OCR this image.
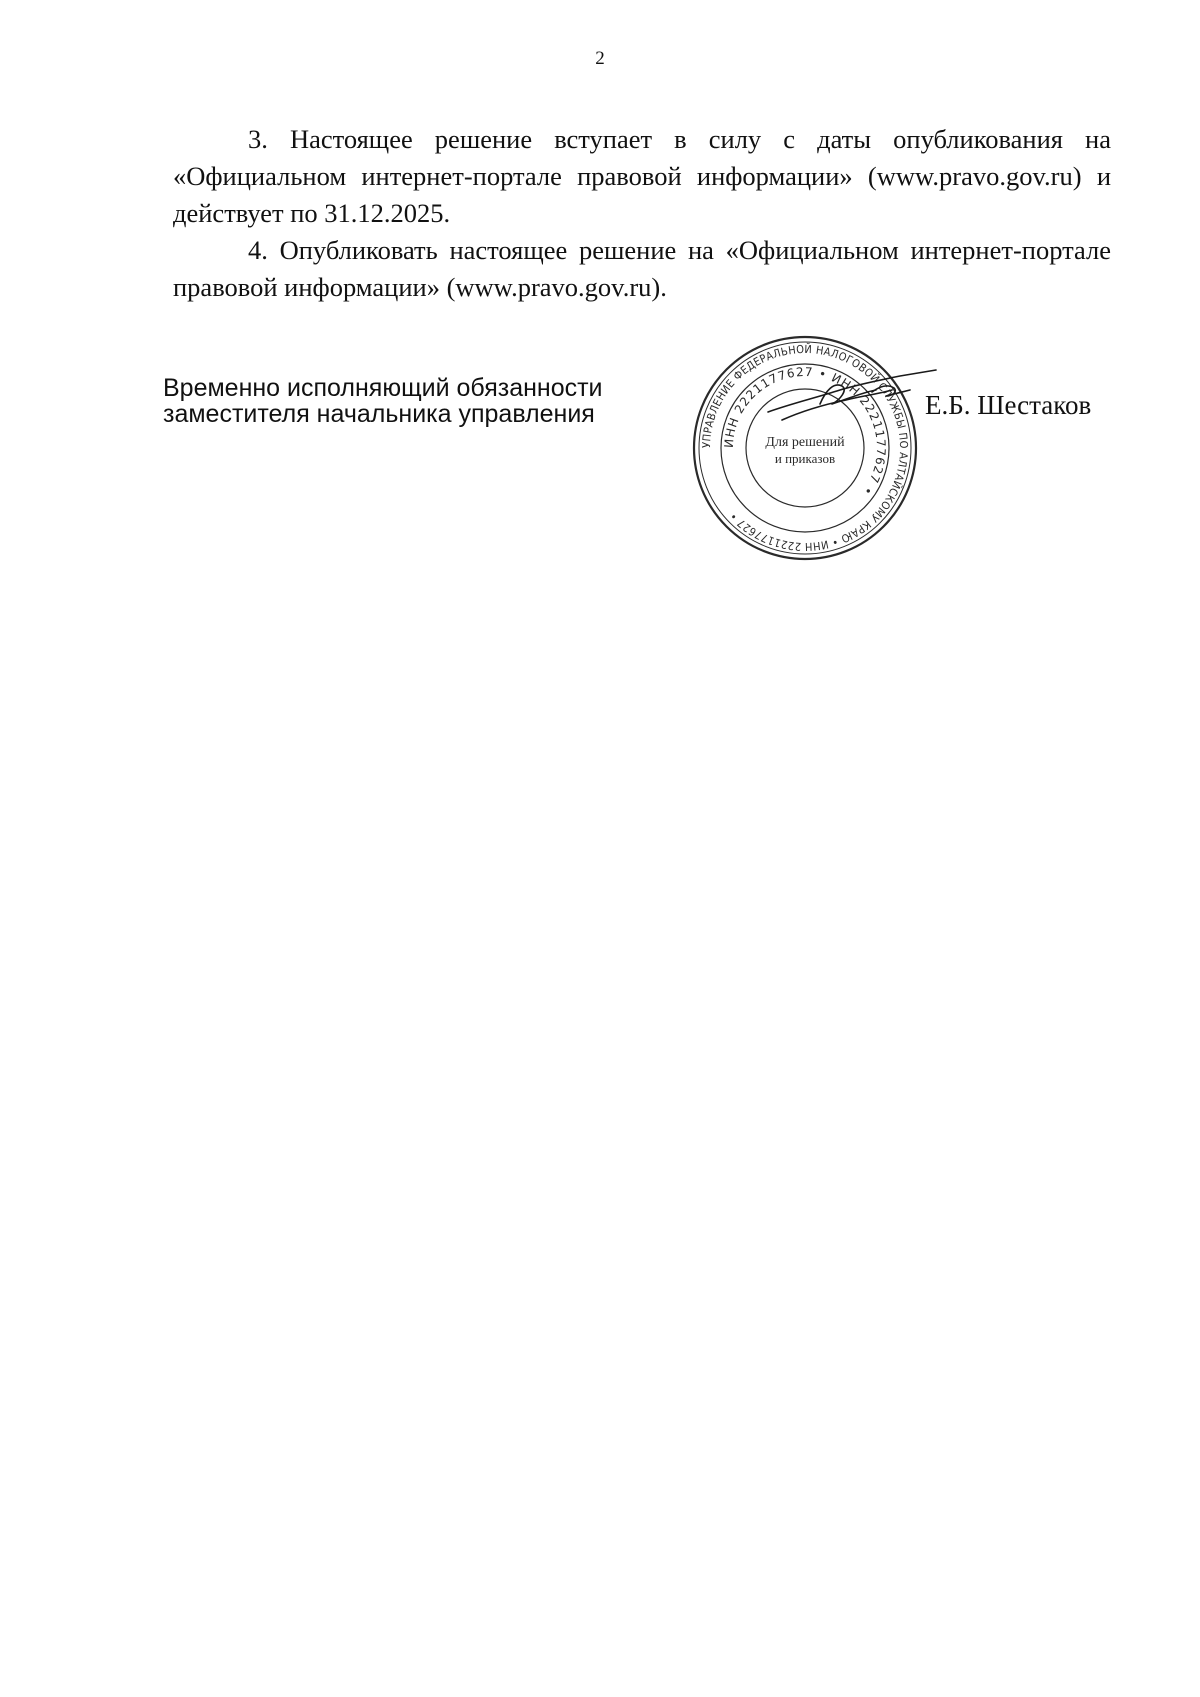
2

3. Настоящее решение вступает в силу с даты опубликования на «Официальном интернет-портале правовой информации» (www.pravo.gov.ru) и действует по 31.12.2025.

4. Опубликовать настоящее решение на «Официальном интернет-портале правовой информации» (www.pravo.gov.ru).

Временно исполняющий обязанности
заместителя начальника управления
УПРАВЛЕНИЕ ФЕДЕРАЛЬНОЙ НАЛОГОВОЙ СЛУЖБЫ ПО АЛТАЙСКОМУ КРАЮ • ИНН 2221177627 •
ИНН 2221177627 • ИНН 2221177627 •
Для решений
и приказов
Е.Б. Шестаков
